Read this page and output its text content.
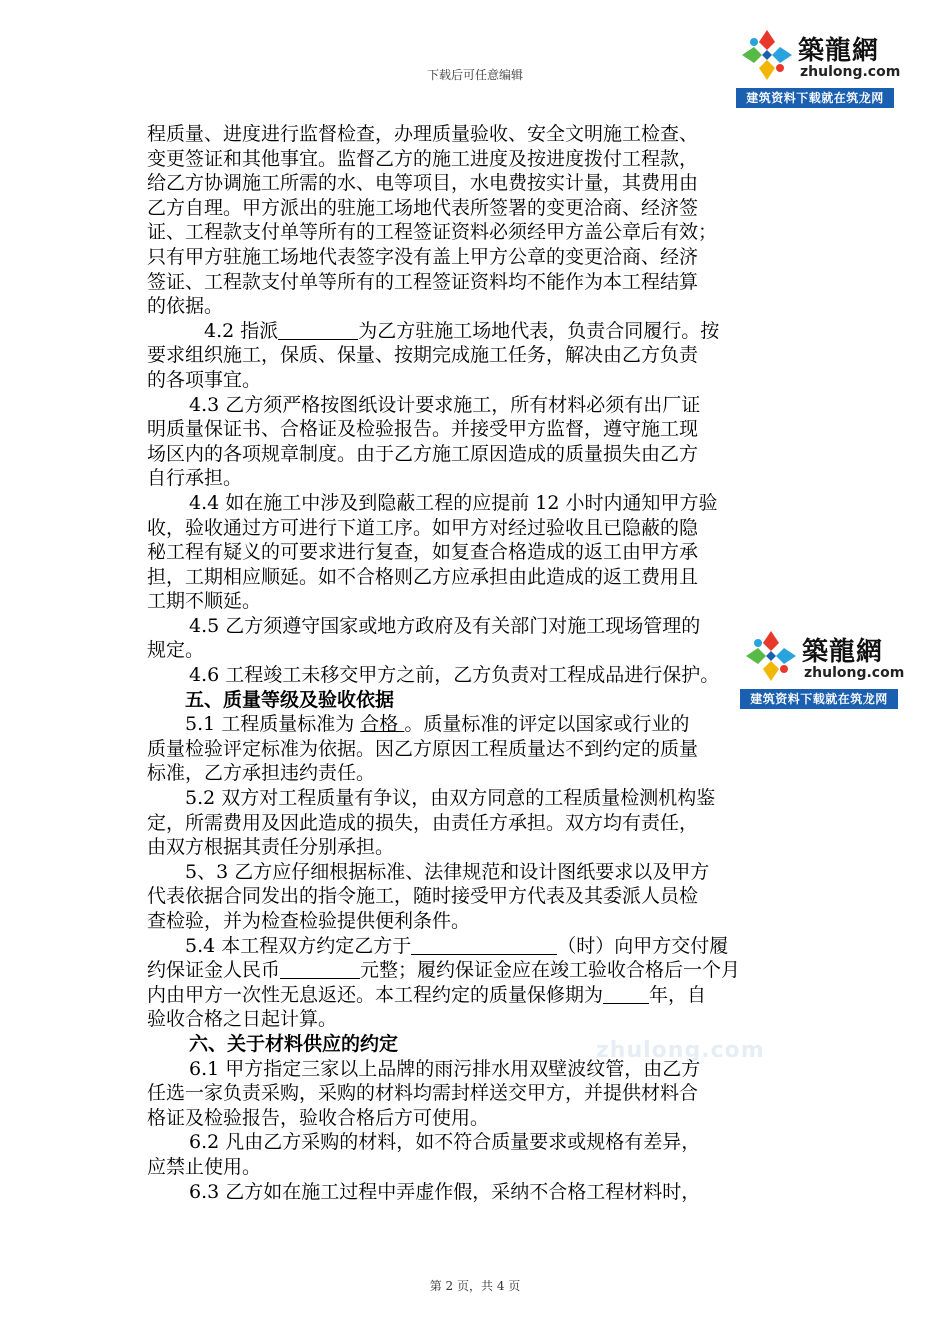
下载后可任意编辑
築龍網
zhulong.com
建筑资料下载就在筑龙网
築龍網
zhulong.com
建筑资料下载就在筑龙网
zhulong.com

程质量、进度进行监督检查，办理质量验收、安全文明施工检查、

变更签证和其他事宜。监督乙方的施工进度及按进度拨付工程款，

给乙方协调施工所需的水、电等项目，水电费按实计量，其费用由

乙方自理。甲方派出的驻施工场地代表所签署的变更洽商、经济签

证、工程款支付单等所有的工程签证资料必须经甲方盖公章后有效；

只有甲方驻施工场地代表签字没有盖上甲方公章的变更洽商、经济

签证、工程款支付单等所有的工程签证资料均不能作为本工程结算

的依据。

4.2 指派	为乙方驻施工场地代表，负责合同履行。按

要求组织施工，保质、保量、按期完成施工任务，解决由乙方负责

的各项事宜。

4.3 乙方须严格按图纸设计要求施工，所有材料必须有出厂证

明质量保证书、合格证及检验报告。并接受甲方监督，遵守施工现

场区内的各项规章制度。由于乙方施工原因造成的质量损失由乙方

自行承担。

4.4 如在施工中涉及到隐蔽工程的应提前 12 小时内通知甲方验

收，验收通过方可进行下道工序。如甲方对经过验收且已隐蔽的隐

秘工程有疑义的可要求进行复查，如复查合格造成的返工由甲方承

担，工期相应顺延。如不合格则乙方应承担由此造成的返工费用且

工期不顺延。

4.5 乙方须遵守国家或地方政府及有关部门对施工现场管理的

规定。

4.6 工程竣工未移交甲方之前，乙方负责对工程成品进行保护。

五、质量等级及验收依据

5.1 工程质量标准为 合格 。质量标准的评定以国家或行业的

质量检验评定标准为依据。因乙方原因工程质量达不到约定的质量

标准，乙方承担违约责任。

5.2 双方对工程质量有争议，由双方同意的工程质量检测机构鉴

定，所需费用及因此造成的损失，由责任方承担。双方均有责任，

由双方根据其责任分别承担。

5、3 乙方应仔细根据标准、法律规范和设计图纸要求以及甲方

代表依据合同发出的指令施工，随时接受甲方代表及其委派人员检

查检验，并为检查检验提供便利条件。

5.4 本工程双方约定乙方于	（时）向甲方交付履

约保证金人民币	元整；履约保证金应在竣工验收合格后一个月

内由甲方一次性无息返还。本工程约定的质量保修期为 年，自

验收合格之日起计算。

六、关于材料供应的约定

6.1 甲方指定三家以上品牌的雨污排水用双壁波纹管，由乙方

任选一家负责采购，采购的材料均需封样送交甲方，并提供材料合

格证及检验报告，验收合格后方可使用。

6.2 凡由乙方采购的材料，如不符合质量要求或规格有差异，

应禁止使用。

6.3 乙方如在施工过程中弄虚作假，采纳不合格工程材料时，

第 2 页，共 4 页
